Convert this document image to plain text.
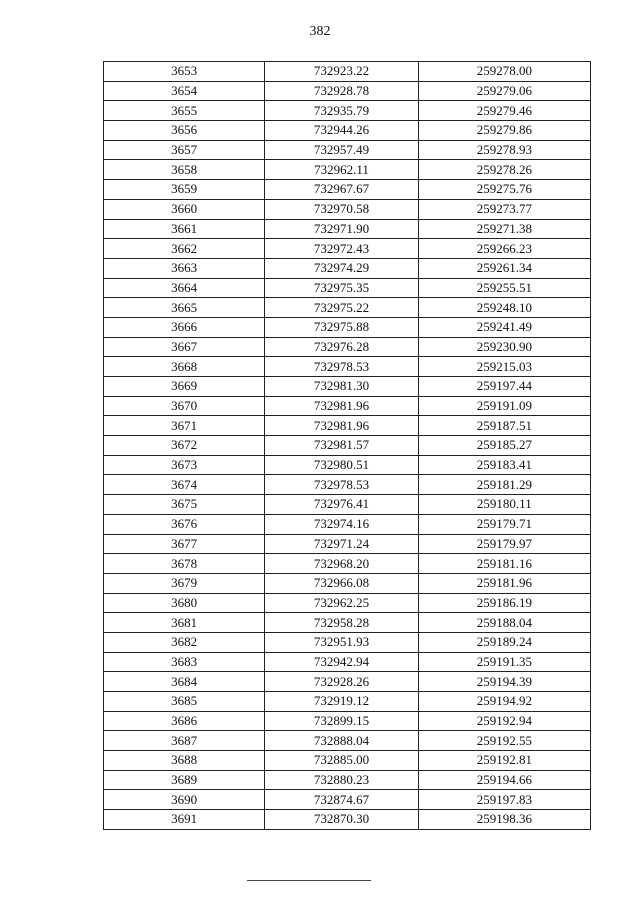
382
3653	732923.22	259278.00
3654	732928.78	259279.06
3655	732935.79	259279.46
3656	732944.26	259279.86
3657	732957.49	259278.93
3658	732962.11	259278.26
3659	732967.67	259275.76
3660	732970.58	259273.77
3661	732971.90	259271.38
3662	732972.43	259266.23
3663	732974.29	259261.34
3664	732975.35	259255.51
3665	732975.22	259248.10
3666	732975.88	259241.49
3667	732976.28	259230.90
3668	732978.53	259215.03
3669	732981.30	259197.44
3670	732981.96	259191.09
3671	732981.96	259187.51
3672	732981.57	259185.27
3673	732980.51	259183.41
3674	732978.53	259181.29
3675	732976.41	259180.11
3676	732974.16	259179.71
3677	732971.24	259179.97
3678	732968.20	259181.16
3679	732966.08	259181.96
3680	732962.25	259186.19
3681	732958.28	259188.04
3682	732951.93	259189.24
3683	732942.94	259191.35
3684	732928.26	259194.39
3685	732919.12	259194.92
3686	732899.15	259192.94
3687	732888.04	259192.55
3688	732885.00	259192.81
3689	732880.23	259194.66
3690	732874.67	259197.83
3691	732870.30	259198.36
